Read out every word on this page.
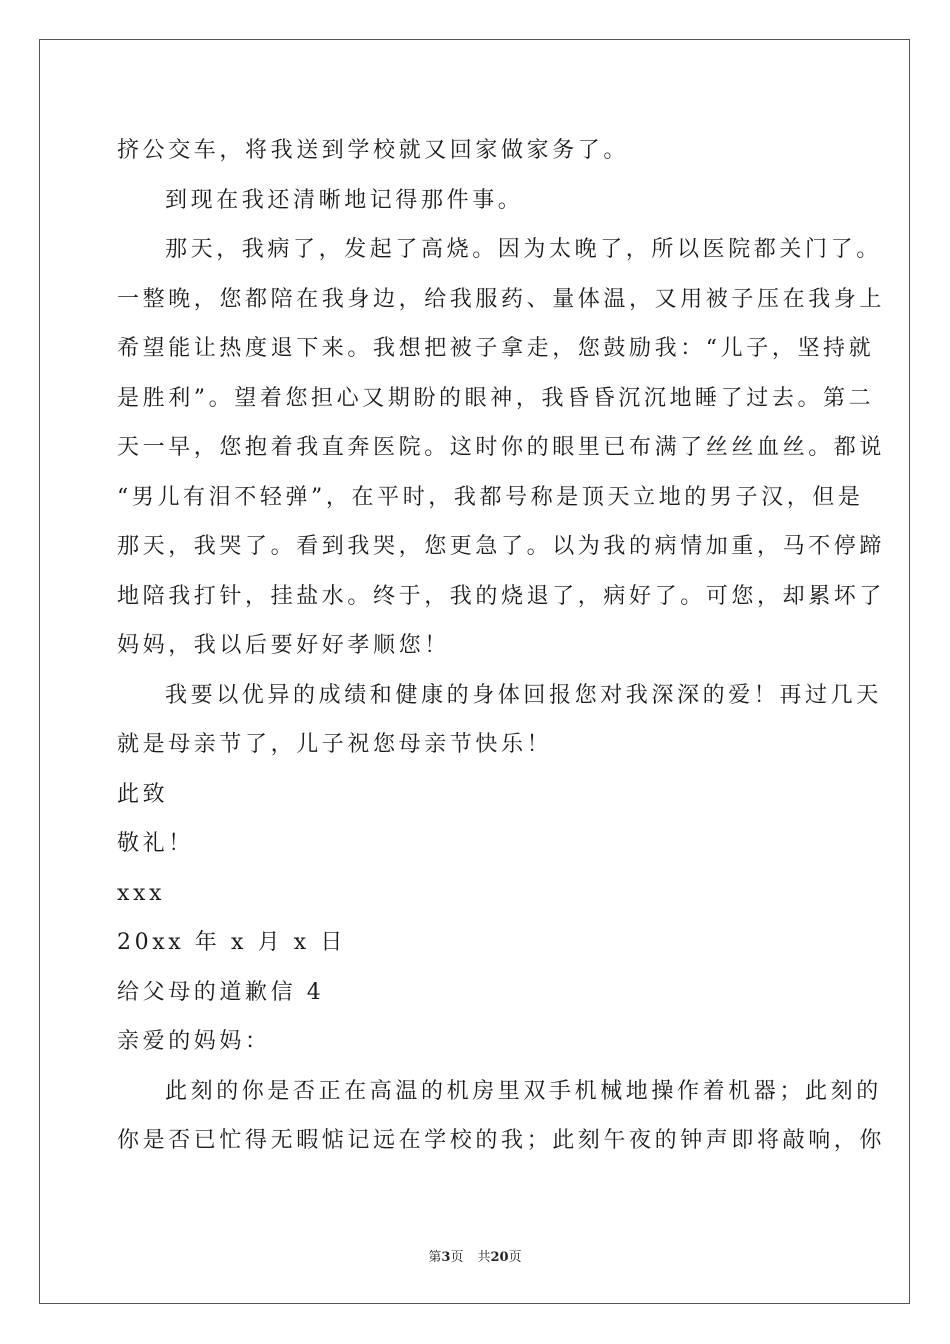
挤公交车，将我送到学校就又回家做家务了。
到现在我还清晰地记得那件事。
那天，我病了，发起了高烧。因为太晚了，所以医院都关门了。
一整晚，您都陪在我身边，给我服药、量体温，又用被子压在我身上
希望能让热度退下来。我想把被子拿走，您鼓励我：“儿子，坚持就
是胜利”。望着您担心又期盼的眼神，我昏昏沉沉地睡了过去。第二
天一早，您抱着我直奔医院。这时你的眼里已布满了丝丝血丝。都说
“男儿有泪不轻弹”，在平时，我都号称是顶天立地的男子汉，但是
那天，我哭了。看到我哭，您更急了。以为我的病情加重，马不停蹄
地陪我打针，挂盐水。终于，我的烧退了，病好了。可您，却累坏了
妈妈，我以后要好好孝顺您！
我要以优异的成绩和健康的身体回报您对我深深的爱！再过几天
就是母亲节了，儿子祝您母亲节快乐！
此致
敬礼！
xxx
20xx 年 x 月 x 日
给父母的道歉信 4
亲爱的妈妈：
此刻的你是否正在高温的机房里双手机械地操作着机器；此刻的
你是否已忙得无暇惦记远在学校的我；此刻午夜的钟声即将敲响，你
第3页 共20页
